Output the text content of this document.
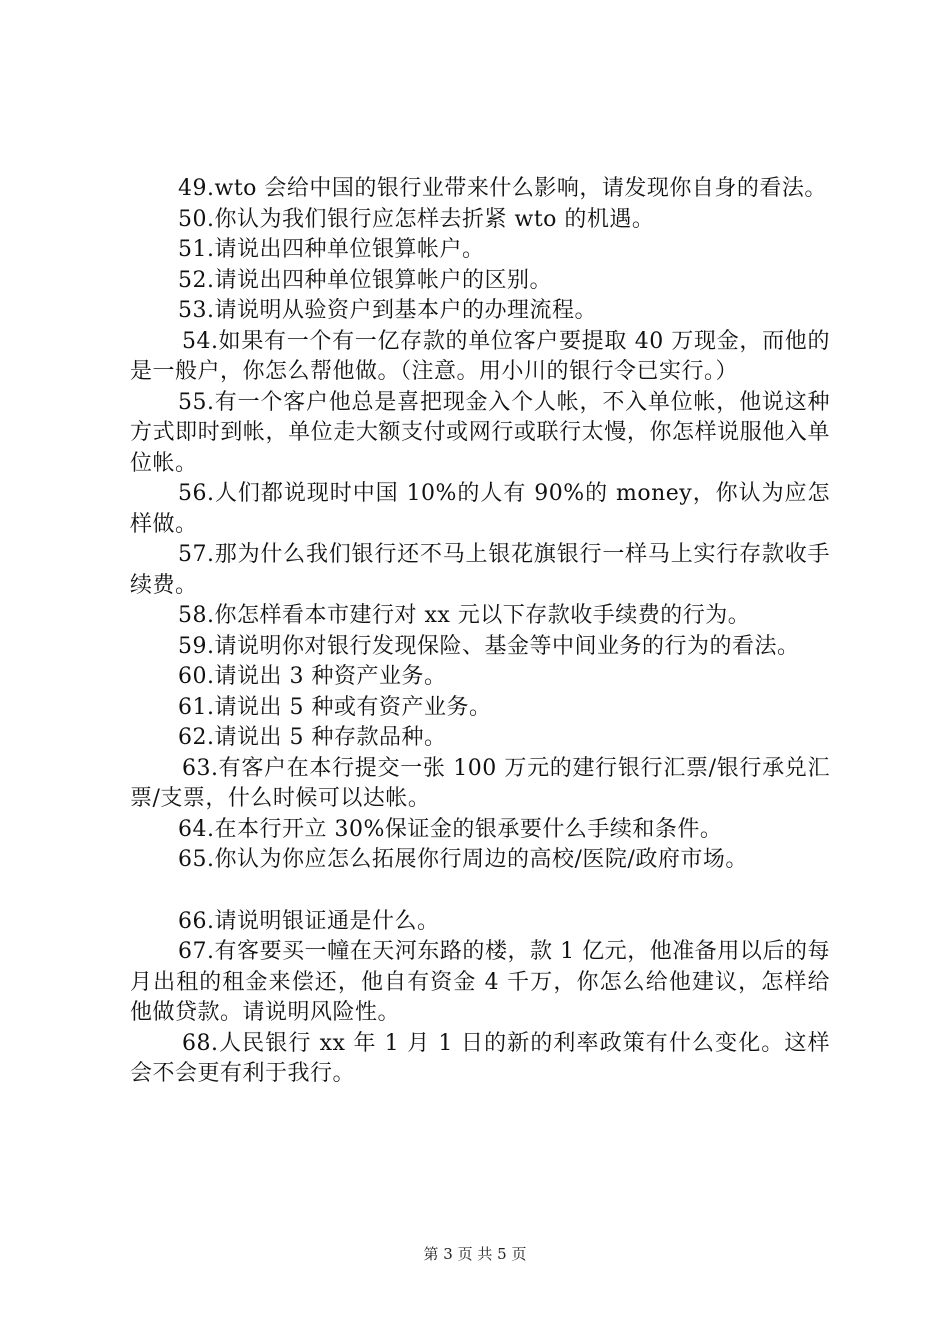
49.wto 会给中国的银行业带来什么影响，请发现你自身的看法。

50.你认为我们银行应怎样去折紧 wto 的机遇。

51.请说出四种单位银算帐户。

52.请说出四种单位银算帐户的区别。

53.请说明从验资户到基本户的办理流程。

54.如果有一个有一亿存款的单位客户要提取 40 万现金，而他的是一般户，你怎么帮他做。（注意。用小川的银行令已实行。）

55.有一个客户他总是喜把现金入个人帐，不入单位帐，他说这种方式即时到帐，单位走大额支付或网行或联行太慢，你怎样说服他入单位帐。

56.人们都说现时中国 10%的人有 90%的 money，你认为应怎样做。

57.那为什么我们银行还不马上银花旗银行一样马上实行存款收手续费。

58.你怎样看本市建行对 xx 元以下存款收手续费的行为。

59.请说明你对银行发现保险、基金等中间业务的行为的看法。

60.请说出 3 种资产业务。

61.请说出 5 种或有资产业务。

62.请说出 5 种存款品种。

63.有客户在本行提交一张 100 万元的建行银行汇票/银行承兑汇票/支票，什么时候可以达帐。

64.在本行开立 30%保证金的银承要什么手续和条件。

65.你认为你应怎么拓展你行周边的高校/医院/政府市场。

66.请说明银证通是什么。

67.有客要买一幢在天河东路的楼，款 1 亿元，他准备用以后的每月出租的租金来偿还，他自有资金 4 千万，你怎么给他建议，怎样给他做贷款。请说明风险性。

68.人民银行 xx 年 1 月 1 日的新的利率政策有什么变化。这样会不会更有利于我行。

第 3 页 共 5 页
